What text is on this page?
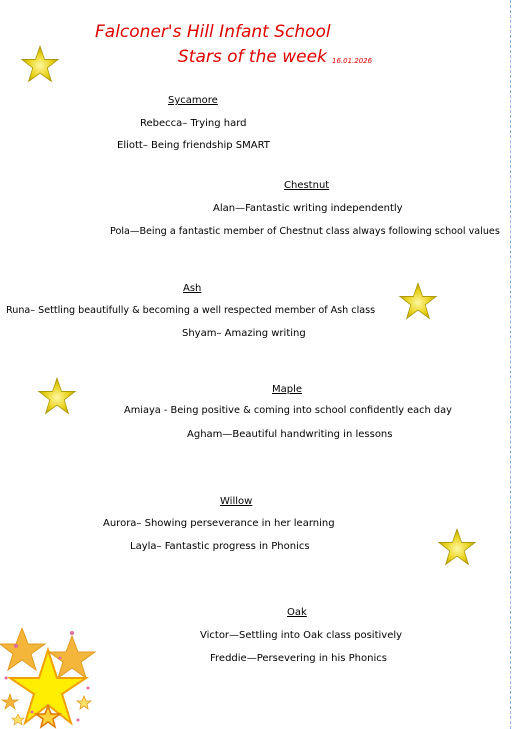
Falconer's Hill Infant School
Stars of the week 16.01.2026
Sycamore
Rebecca– Trying hard
Eliott– Being friendship SMART
Chestnut
Alan—Fantastic writing independently
Pola—Being a fantastic member of Chestnut class always following school values
Ash
Runa– Settling beautifully & becoming a well respected member of Ash class
Shyam– Amazing writing
Maple
Amiaya - Being positive & coming into school confidently each day
Agham—Beautiful handwriting in lessons
Willow
Aurora– Showing perseverance in her learning
Layla– Fantastic progress in Phonics
Oak
Victor—Settling into Oak class positively
Freddie—Persevering in his Phonics
